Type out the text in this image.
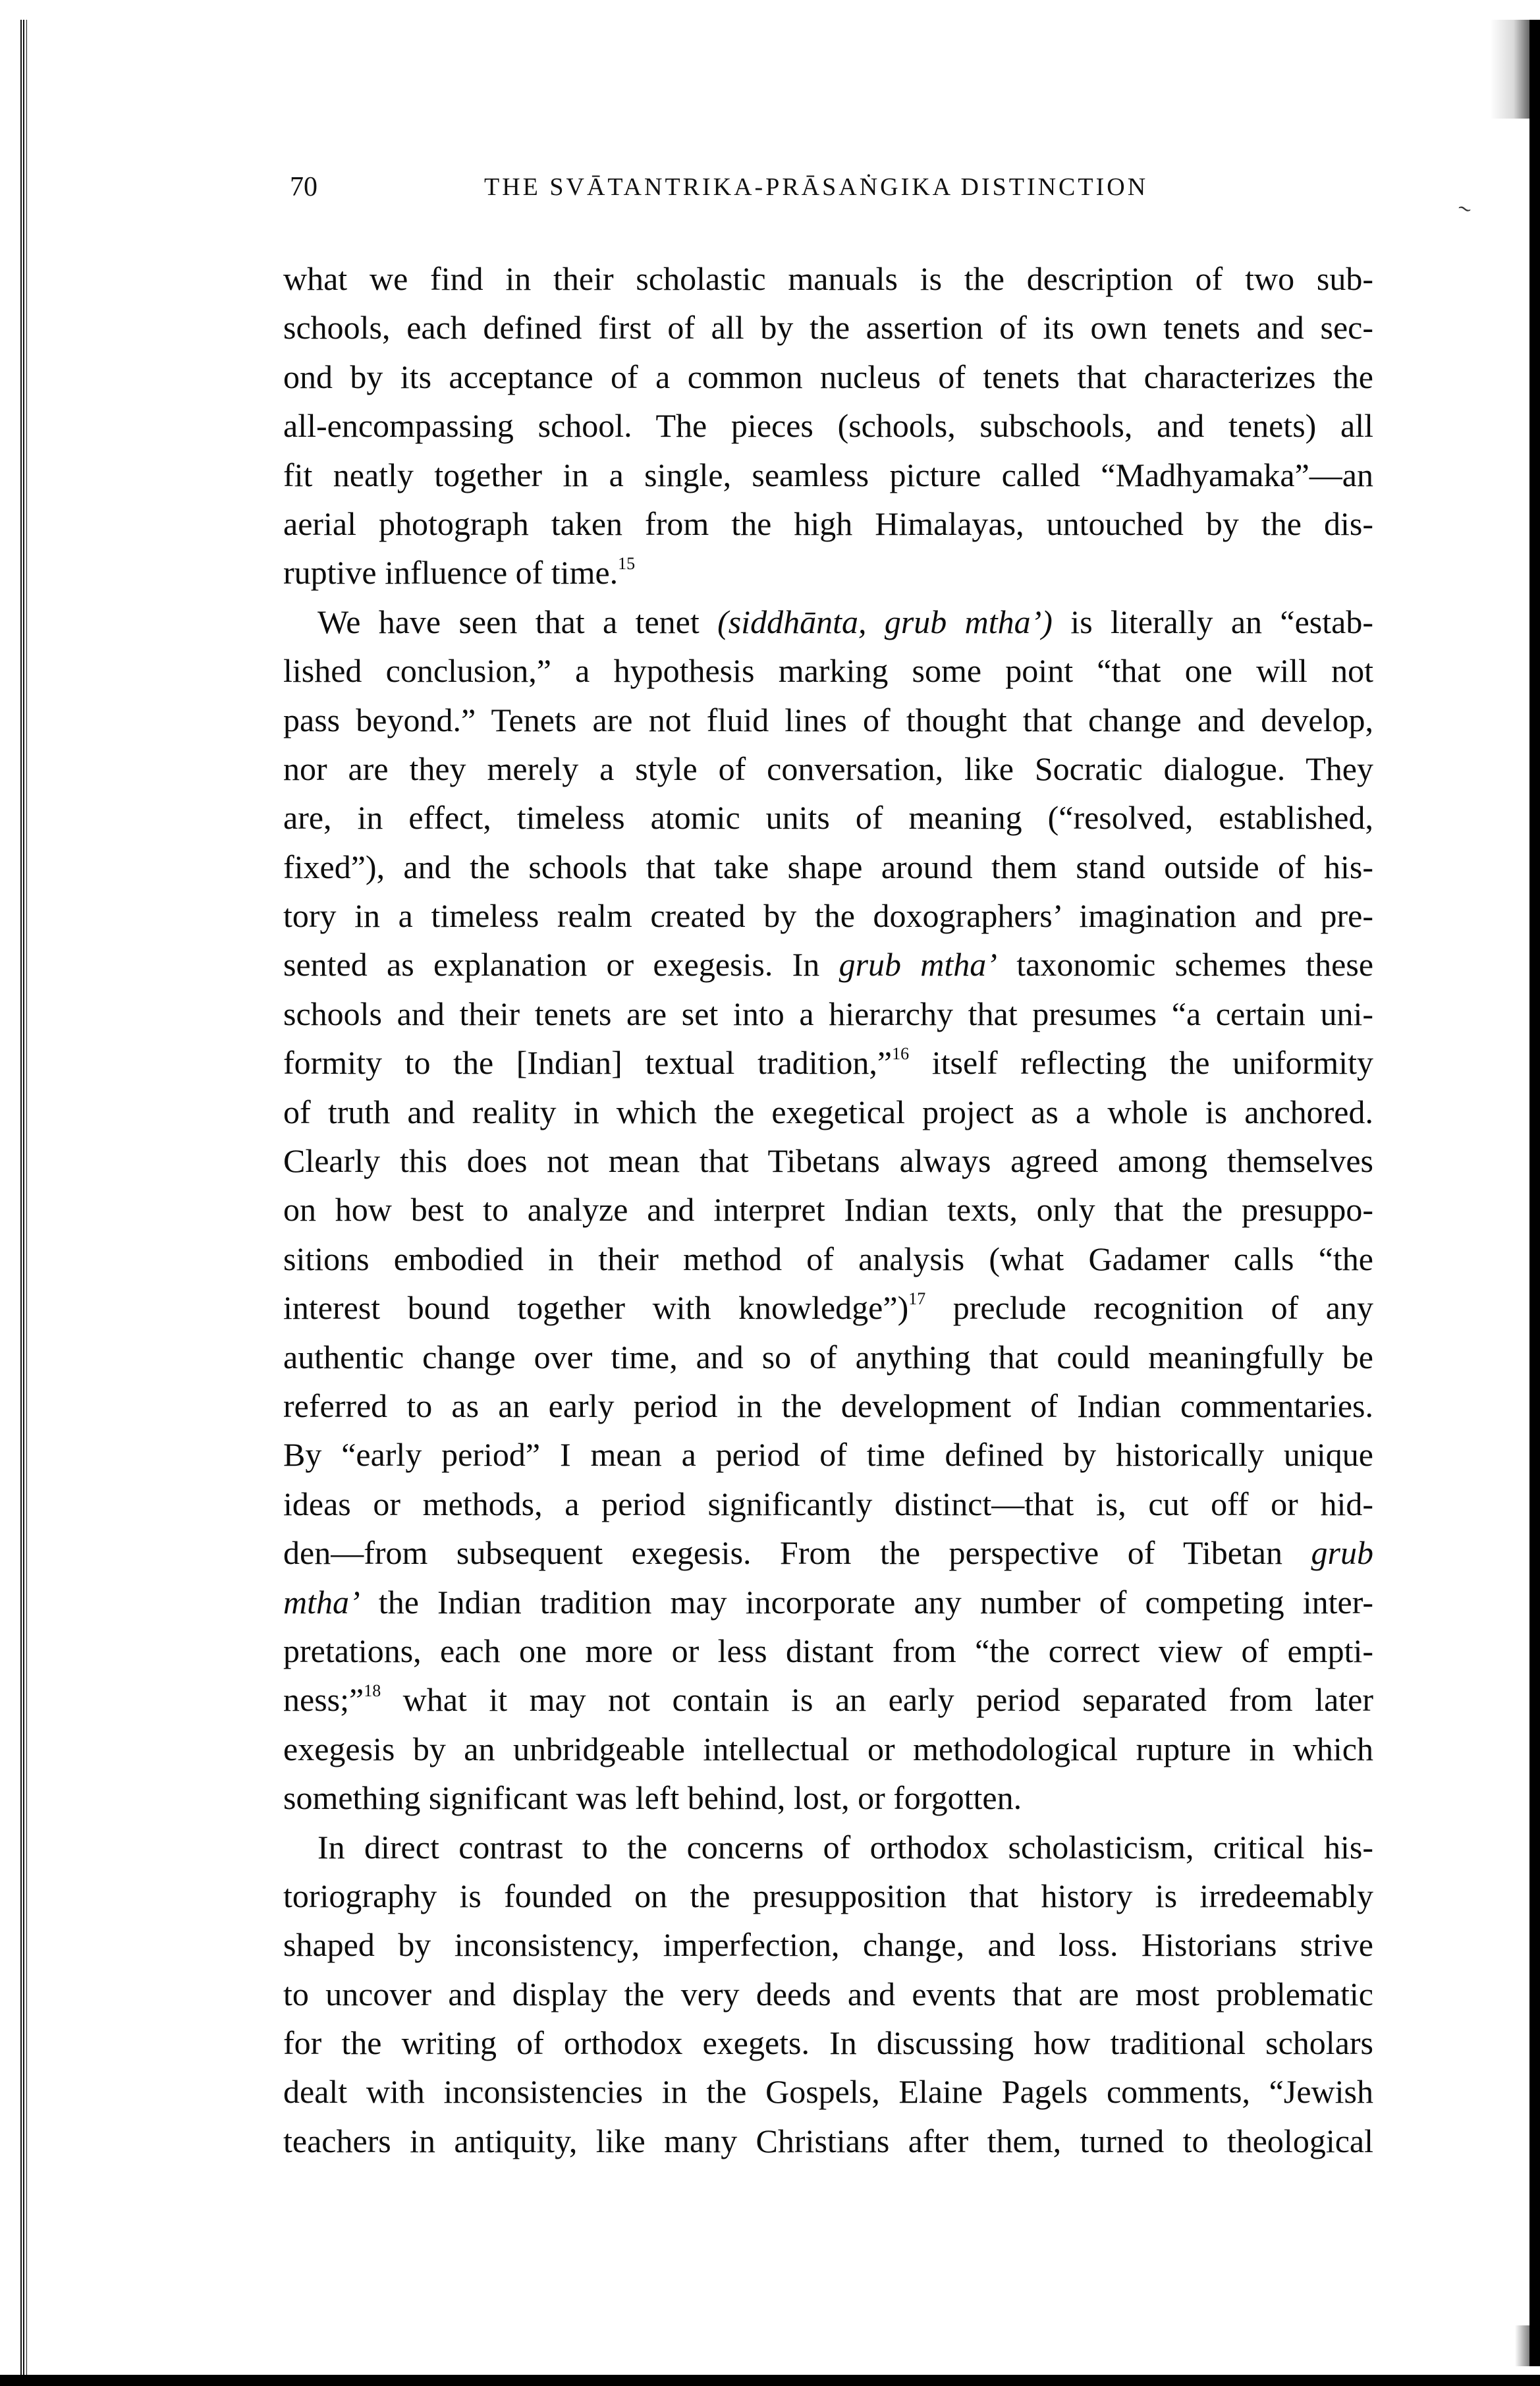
~
70	THE SVĀTANTRIKA-PRĀSAṄGIKA DISTINCTION
what we find in their scholastic manuals is the description of two sub-
schools, each defined first of all by the assertion of its own tenets and sec-
ond by its acceptance of a common nucleus of tenets that characterizes the
all-encompassing school. The pieces (schools, subschools, and tenets) all
fit neatly together in a single, seamless picture called “Madhyamaka”—an
aerial photograph taken from the high Himalayas, untouched by the dis-
ruptive influence of time.$^{15}$
We have seen that a tenet (siddhānta, grub mtha’) is literally an “estab-
lished conclusion,” a hypothesis marking some point “that one will not
pass beyond.” Tenets are not fluid lines of thought that change and develop,
nor are they merely a style of conversation, like Socratic dialogue. They
are, in effect, timeless atomic units of meaning (“resolved, established,
fixed”), and the schools that take shape around them stand outside of his-
tory in a timeless realm created by the doxographers’ imagination and pre-
sented as explanation or exegesis. In grub mtha’ taxonomic schemes these
schools and their tenets are set into a hierarchy that presumes “a certain uni-
formity to the [Indian] textual tradition,”$^{16}$ itself reflecting the uniformity
of truth and reality in which the exegetical project as a whole is anchored.
Clearly this does not mean that Tibetans always agreed among themselves
on how best to analyze and interpret Indian texts, only that the presuppo-
sitions embodied in their method of analysis (what Gadamer calls “the
interest bound together with knowledge”)$^{17}$ preclude recognition of any
authentic change over time, and so of anything that could meaningfully be
referred to as an early period in the development of Indian commentaries.
By “early period” I mean a period of time defined by historically unique
ideas or methods, a period significantly distinct—that is, cut off or hid-
den—from subsequent exegesis. From the perspective of Tibetan grub
mtha’ the Indian tradition may incorporate any number of competing inter-
pretations, each one more or less distant from “the correct view of empti-
ness;”$^{18}$ what it may not contain is an early period separated from later
exegesis by an unbridgeable intellectual or methodological rupture in which
something significant was left behind, lost, or forgotten.
In direct contrast to the concerns of orthodox scholasticism, critical his-
toriography is founded on the presupposition that history is irredeemably
shaped by inconsistency, imperfection, change, and loss. Historians strive
to uncover and display the very deeds and events that are most problematic
for the writing of orthodox exegets. In discussing how traditional scholars
dealt with inconsistencies in the Gospels, Elaine Pagels comments, “Jewish
teachers in antiquity, like many Christians after them, turned to theological
